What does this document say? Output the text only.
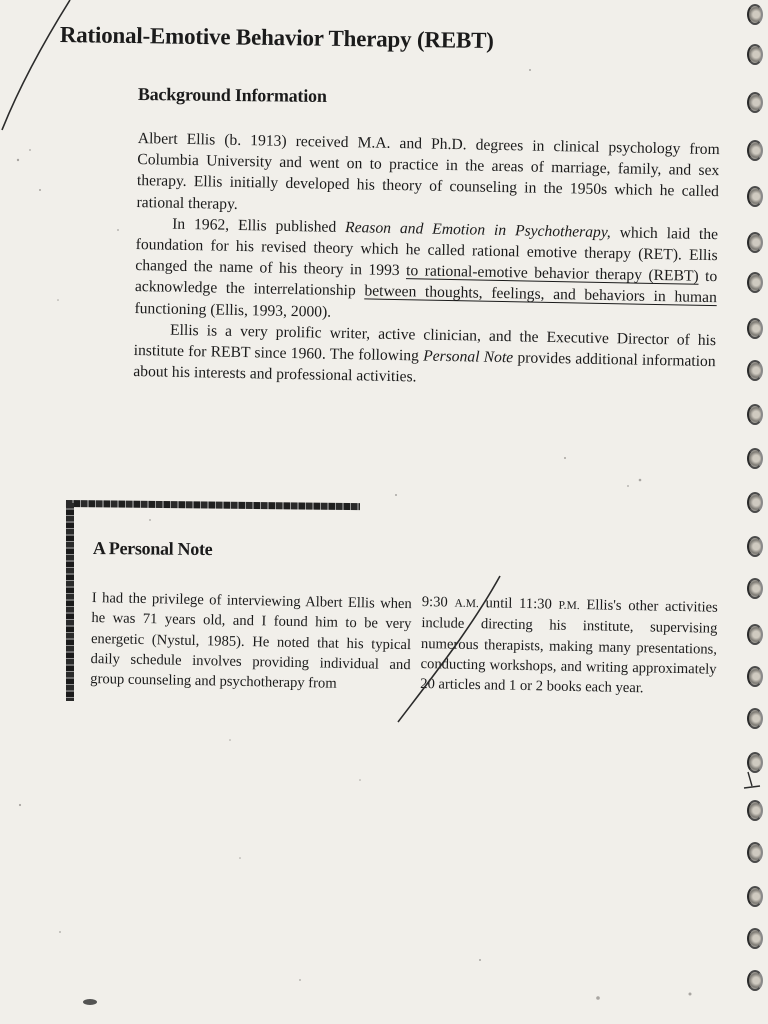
Rational-Emotive Behavior Therapy (REBT)
Background Information

Albert Ellis (b. 1913) received M.A. and Ph.D. degrees in clinical psychology from Columbia University and went on to practice in the areas of marriage, family, and sex therapy. Ellis initially developed his theory of counseling in the 1950s which he called rational therapy.

In 1962, Ellis published Reason and Emotion in Psychotherapy, which laid the foundation for his revised theory which he called rational emotive therapy (RET). Ellis changed the name of his theory in 1993 to rational-emotive behavior therapy (REBT) to acknowledge the interrelationship between thoughts, feelings, and behaviors in human functioning (Ellis, 1993, 2000).

Ellis is a very prolific writer, active clinician, and the Executive Director of his institute for REBT since 1960. The following Personal Note provides additional information about his interests and professional activities.

A Personal Note
I had the privilege of interviewing Albert Ellis when he was 71 years old, and I found him to be very energetic (Nystul, 1985). He noted that his typical daily schedule involves providing individual and group counseling and psychotherapy from
9:30 A.M. until 11:30 P.M. Ellis's other activities include directing his institute, supervising numerous therapists, making many presentations, conducting workshops, and writing approximately 20 articles and 1 or 2 books each year.
